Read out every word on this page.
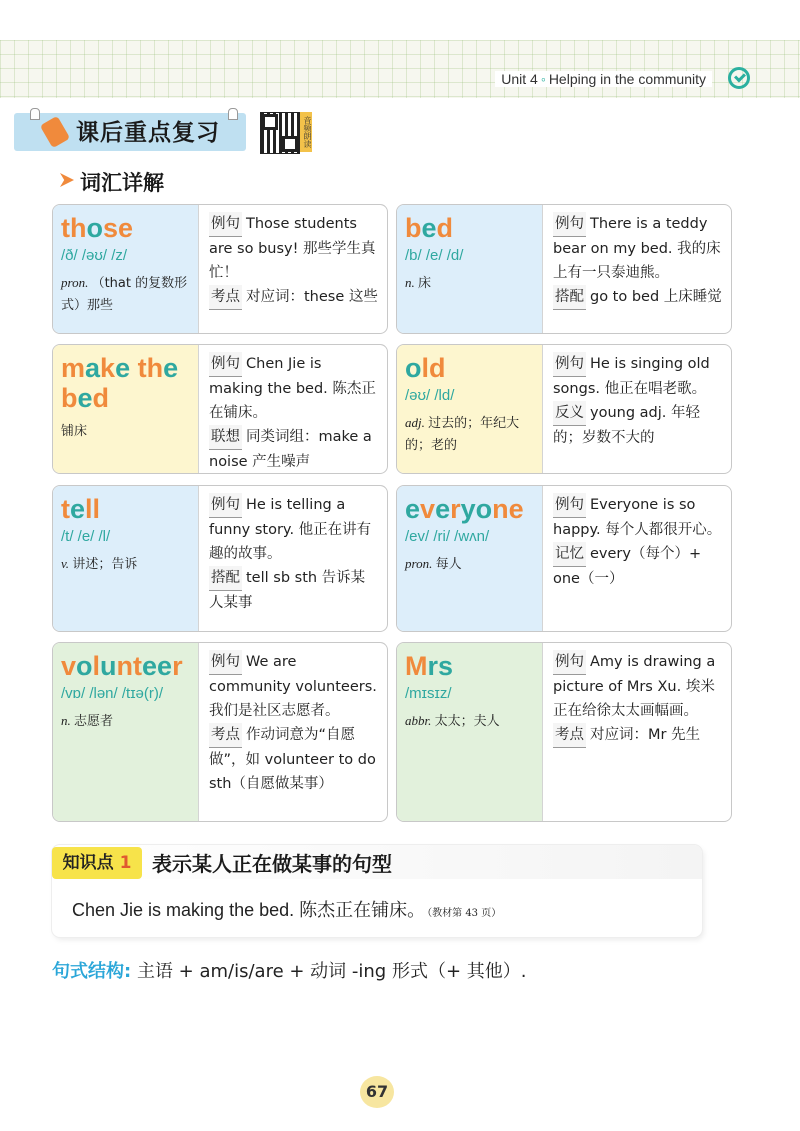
Unit 4 ◦ Helping in the community
课后重点复习	音频朗读
词汇详解
those
/ð/ /əʊ/ /z/
pron. （that 的复数形式）那些
例句 Those students are so busy! 那些学生真忙！
考点 对应词：these 这些
bed
/b/ /e/ /d/
n. 床
例句 There is a teddy bear on my bed. 我的床上有一只泰迪熊。
搭配 go to bed 上床睡觉
make the bed
铺床
例句 Chen Jie is making the bed. 陈杰正在铺床。
联想 同类词组：make a noise 产生噪声
old
/əʊ/ /ld/
adj. 过去的；年纪大的；老的
例句 He is singing old songs. 他正在唱老歌。
反义 young adj. 年轻的；岁数不大的
tell
/t/ /e/ /l/
v. 讲述；告诉
例句 He is telling a funny story. 他正在讲有趣的故事。
搭配 tell sb sth 告诉某人某事
everyone
/ev/ /ri/ /wʌn/
pron. 每人
例句 Everyone is so happy. 每个人都很开心。
记忆 every（每个）+ one（一）
volunteer
/vɒ/ /lən/ /tɪə(r)/
n. 志愿者
例句 We are community volunteers. 我们是社区志愿者。
考点 作动词意为“自愿做”，如 volunteer to do sth（自愿做某事）
Mrs
/mɪsɪz/
abbr. 太太；夫人
例句 Amy is drawing a picture of Mrs Xu. 埃米正在给徐太太画幅画。
考点 对应词：Mr 先生
知识点 1	表示某人正在做某事的句型
Chen Jie is making the bed. 陈杰正在铺床。 （教材第 43 页）
句式结构: 主语 + am/is/are + 动词 -ing 形式（+ 其他）.
67
